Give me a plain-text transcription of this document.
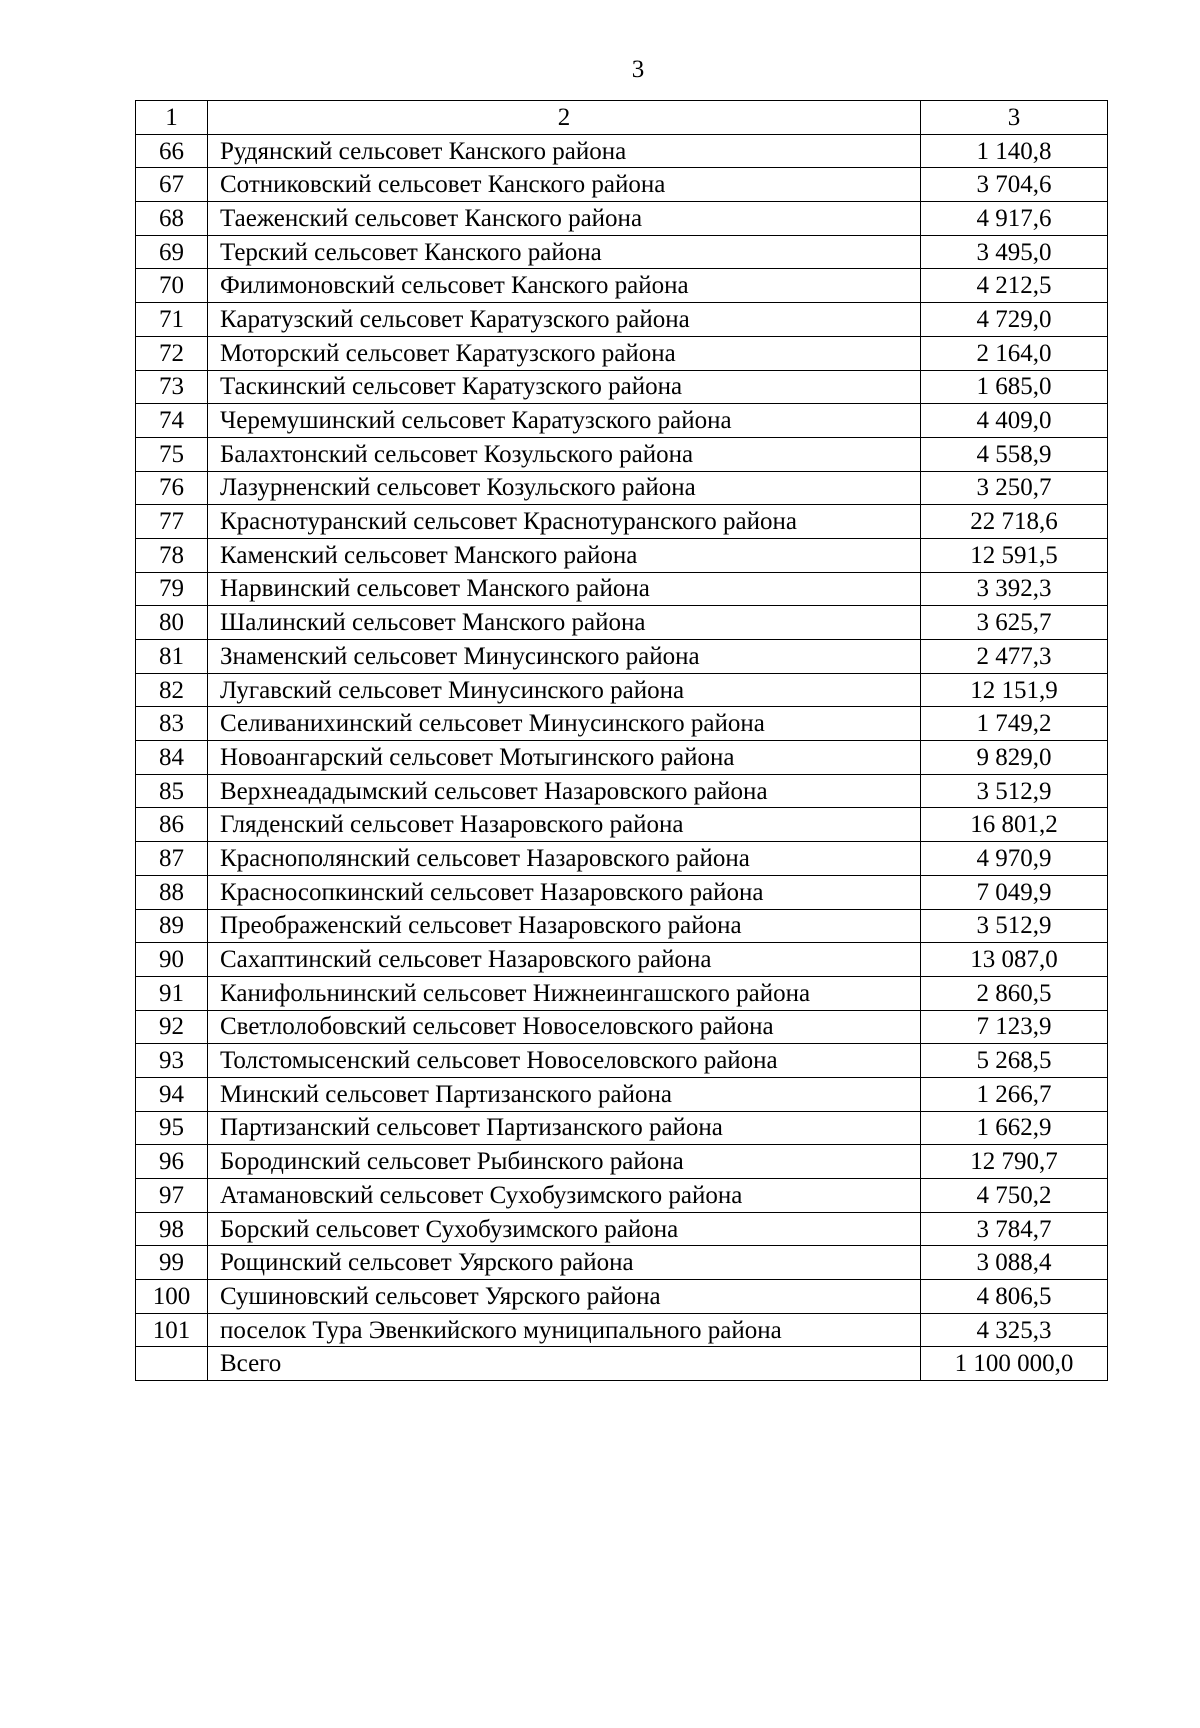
3
1	2	3
66	Рудянский сельсовет Канского района	1 140,8
67	Сотниковский сельсовет Канского района	3 704,6
68	Таеженский сельсовет Канского района	4 917,6
69	Терский сельсовет Канского района	3 495,0
70	Филимоновский сельсовет Канского района	4 212,5
71	Каратузский сельсовет Каратузского района	4 729,0
72	Моторский сельсовет Каратузского района	2 164,0
73	Таскинский сельсовет Каратузского района	1 685,0
74	Черемушинский сельсовет Каратузского района	4 409,0
75	Балахтонский сельсовет Козульского района	4 558,9
76	Лазурненский сельсовет Козульского района	3 250,7
77	Краснотуранский сельсовет Краснотуранского района	22 718,6
78	Каменский сельсовет Манского района	12 591,5
79	Нарвинский сельсовет Манского района	3 392,3
80	Шалинский сельсовет Манского района	3 625,7
81	Знаменский сельсовет Минусинского района	2 477,3
82	Лугавский сельсовет Минусинского района	12 151,9
83	Селиванихинский сельсовет Минусинского района	1 749,2
84	Новоангарский сельсовет Мотыгинского района	9 829,0
85	Верхнеададымский сельсовет Назаровского района	3 512,9
86	Гляденский сельсовет Назаровского района	16 801,2
87	Краснополянский сельсовет Назаровского района	4 970,9
88	Красносопкинский сельсовет Назаровского района	7 049,9
89	Преображенский сельсовет Назаровского района	3 512,9
90	Сахаптинский сельсовет Назаровского района	13 087,0
91	Канифольнинский сельсовет Нижнеингашского района	2 860,5
92	Светлолобовский сельсовет Новоселовского района	7 123,9
93	Толстомысенский сельсовет Новоселовского района	5 268,5
94	Минский сельсовет Партизанского района	1 266,7
95	Партизанский сельсовет Партизанского района	1 662,9
96	Бородинский сельсовет Рыбинского района	12 790,7
97	Атамановский сельсовет Сухобузимского района	4 750,2
98	Борский сельсовет Сухобузимского района	3 784,7
99	Рощинский сельсовет Уярского района	3 088,4
100	Сушиновский сельсовет Уярского района	4 806,5
101	поселок Тура Эвенкийского муниципального района	4 325,3
	Всего	1 100 000,0
